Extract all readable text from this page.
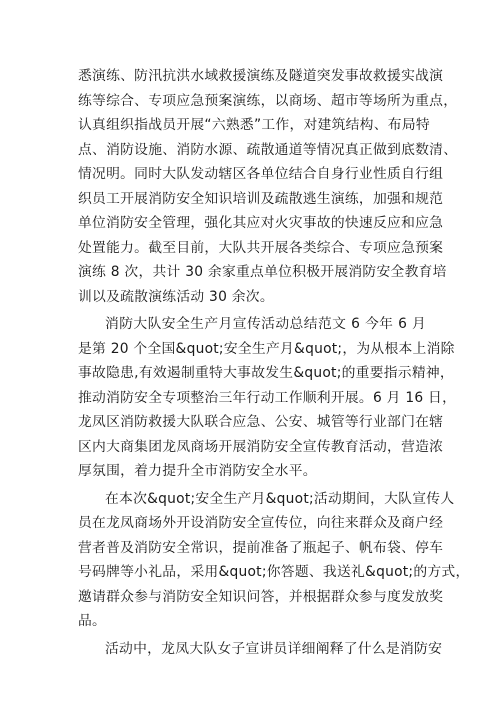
悉演练、防汛抗洪水域救援演练及隧道突发事故救援实战演
练等综合、专项应急预案演练，以商场、超市等场所为重点，
认真组织指战员开展“六熟悉”工作，对建筑结构、布局特
点、消防设施、消防水源、疏散通道等情况真正做到底数清、
情况明。同时大队发动辖区各单位结合自身行业性质自行组
织员工开展消防安全知识培训及疏散逃生演练，加强和规范
单位消防安全管理，强化其应对火灾事故的快速反应和应急
处置能力。截至目前，大队共开展各类综合、专项应急预案
演练 8 次，共计 30 余家重点单位积极开展消防安全教育培
训以及疏散演练活动 30 余次。
消防大队安全生产月宣传活动总结范文 6 今年 6 月
是第 20 个全国&quot;安全生产月&quot;，为从根本上消除
事故隐患,有效遏制重特大事故发生&quot;的重要指示精神，
推动消防安全专项整治三年行动工作顺利开展。6 月 16 日，
龙凤区消防救援大队联合应急、公安、城管等行业部门在辖
区内大商集团龙凤商场开展消防安全宣传教育活动，营造浓
厚氛围，着力提升全市消防安全水平。
在本次&quot;安全生产月&quot;活动期间，大队宣传人
员在龙凤商场外开设消防安全宣传位，向往来群众及商户经
营者普及消防安全常识，提前准备了瓶起子、帆布袋、停车
号码牌等小礼品，采用&quot;你答题、我送礼&quot;的方式，
邀请群众参与消防安全知识问答，并根据群众参与度发放奖
品。
活动中，龙凤大队女子宣讲员详细阐释了什么是消防安
